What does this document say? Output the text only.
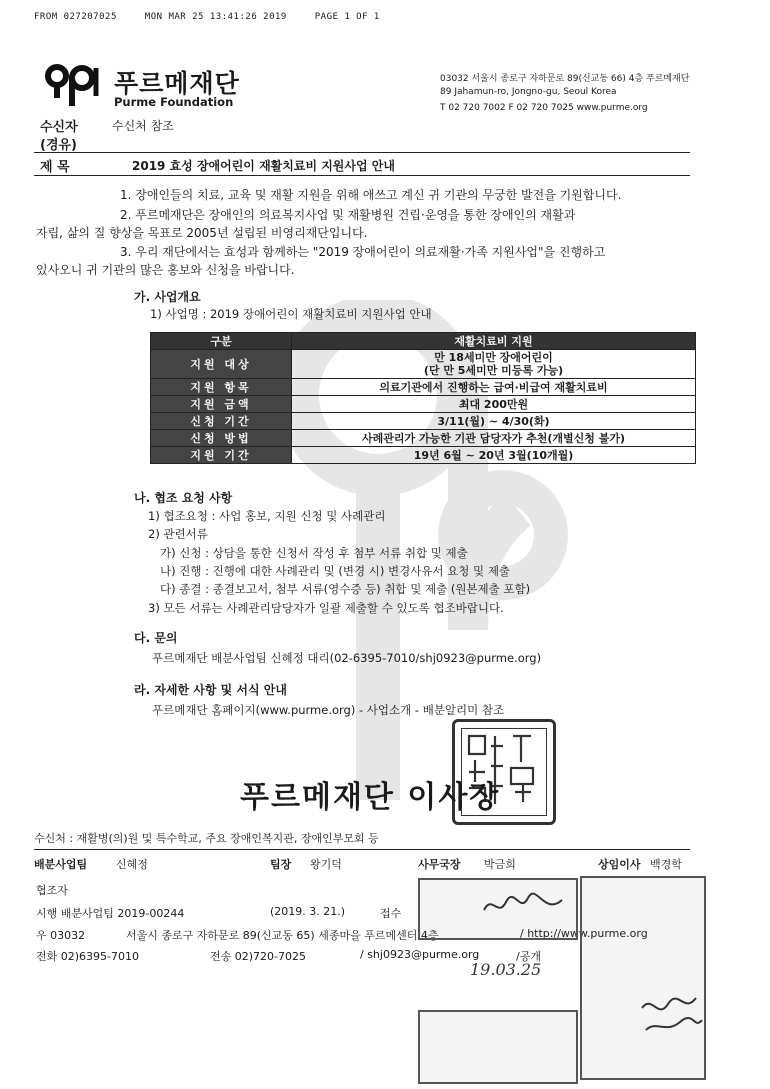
FROM 027207025	MON MAR 25 13:41:26 2019	PAGE 1 OF 1
푸르메재단
Purme Foundation
03032 서울시 종로구 자하문로 89(신교동 66) 4층 푸르메재단
89 Jahamun-ro, Jongno-gu, Seoul Korea
T 02 720 7002 F 02 720 7025 www.purme.org
수신자	수신처 참조
(경유)
제 목	2019 효성 장애어린이 재활치료비 지원사업 안내
1. 장애인들의 치료, 교육 및 재활 지원을 위해 애쓰고 계신 귀 기관의 무궁한 발전을 기원합니다.
2. 푸르메재단은 장애인의 의료복지사업 및 재활병원 건립·운영을 통한 장애인의 재활과
자립, 삶의 질 향상을 목표로 2005년 설립된 비영리재단입니다.
3. 우리 재단에서는 효성과 함께하는 "2019 장애어린이 의료재활·가족 지원사업"을 진행하고
있사오니 귀 기관의 많은 홍보와 신청을 바랍니다.
가. 사업개요
1) 사업명 : 2019 장애어린이 재활치료비 지원사업 안내
구분	재활치료비 지원
지원 대상	만 18세미만 장애어린이
(단 만 5세미만 미등록 가능)
지원 항목	의료기관에서 진행하는 급여·비급여 재활치료비
지원 금액	최대 200만원
신청 기간	3/11(월) ~ 4/30(화)
신청 방법	사례관리가 가능한 기관 담당자가 추천(개별신청 불가)
지원 기간	19년 6월 ~ 20년 3월(10개월)
나. 협조 요청 사항
1) 협조요청 : 사업 홍보, 지원 신청 및 사례관리
2) 관련서류
가) 신청 : 상담을 통한 신청서 작성 후 첨부 서류 취합 및 제출
나) 진행 : 진행에 대한 사례관리 및 (변경 시) 변경사유서 요청 및 제출
다) 종결 : 종결보고서, 첨부 서류(영수증 등) 취합 및 제출 (원본제출 포함)
3) 모든 서류는 사례관리담당자가 일괄 제출할 수 있도록 협조바랍니다.
다. 문의
푸르메재단 배분사업팀 신혜정 대리(02-6395-7010/shj0923@purme.org)
라. 자세한 사항 및 서식 안내
푸르메재단 홈페이지(www.purme.org) - 사업소개 - 배분알리미 참조
푸르메재단 이사장
수신처 : 재활병(의)원 및 특수학교, 주요 장애인복지관, 장애인부모회 등
배분사업팀	신혜정	팀장 왕기덕	사무국장 박금희	상임이사 백경학
협조자
시행 배분사업팀 2019-00244	(2019. 3. 21.)	접수
우 03032	서울시 종로구 자하문로 89(신교동 65) 세종마을 푸르메센터 4층	/ http://www.purme.org
전화 02)6395-7010	전송 02)720-7025	/ shj0923@purme.org	/공개
19.03.25
